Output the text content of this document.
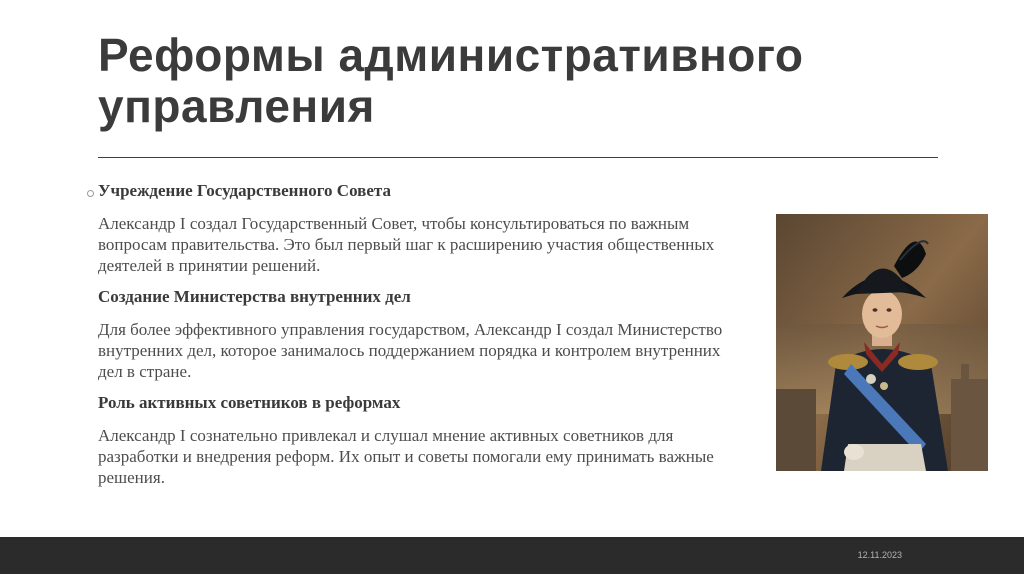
Реформы административного управления

Учреждение Государственного Совета

Александр I создал Государственный Совет, чтобы консультироваться по важным вопросам правительства. Это был первый шаг к расширению участия общественных деятелей в принятии решений.

Создание Министерства внутренних дел

Для более эффективного управления государством, Александр I создал Министерство внутренних дел, которое занималось поддержанием порядка и контролем внутренних дел в стране.

Роль активных советников в реформах

Александр I сознательно привлекал и слушал мнение активных советников для разработки и внедрения реформ. Их опыт и советы помогали ему принимать важные решения.

12.11.2023
